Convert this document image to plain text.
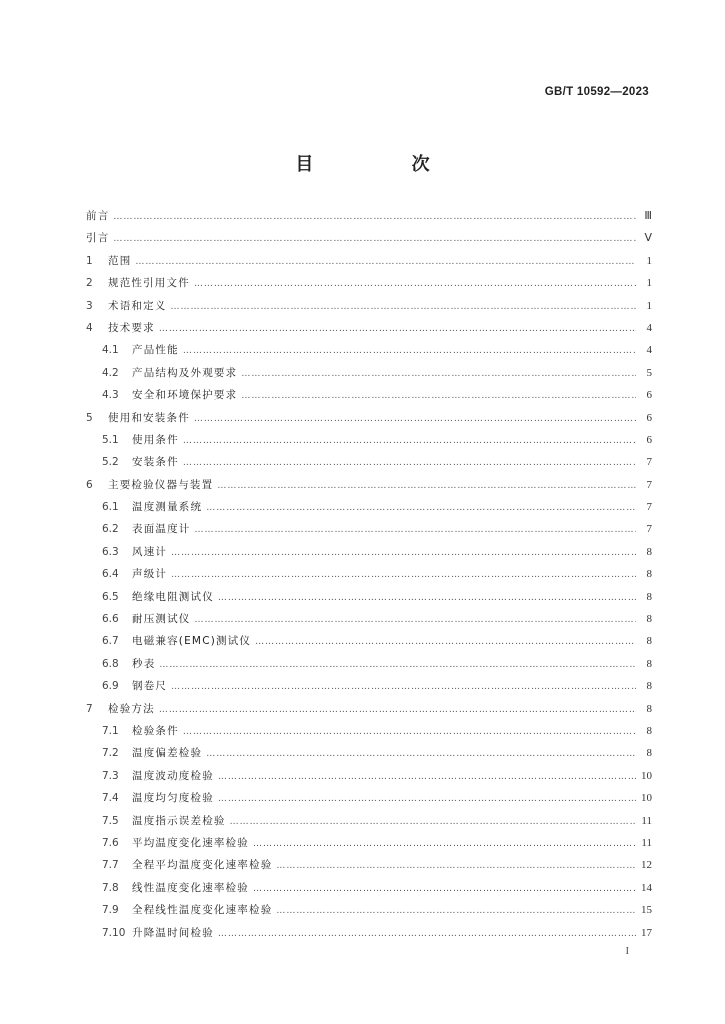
GB/T 10592—2023
目 次
前言 ………………………………………………………………………………………………………………………………………………………………………………………………	Ⅲ
引言 ………………………………………………………………………………………………………………………………………………………………………………………………	Ⅴ
1	范围 ………………………………………………………………………………………………………………………………………………………………………………………………	1
2	规范性引用文件 ………………………………………………………………………………………………………………………………………………………………………………………………	1
3	术语和定义 ………………………………………………………………………………………………………………………………………………………………………………………………	1
4	技术要求 ………………………………………………………………………………………………………………………………………………………………………………………………	4
4.1	产品性能 ………………………………………………………………………………………………………………………………………………………………………………………………	4
4.2	产品结构及外观要求 ………………………………………………………………………………………………………………………………………………………………………………………………	5
4.3	安全和环境保护要求 ………………………………………………………………………………………………………………………………………………………………………………………………	6
5	使用和安装条件 ………………………………………………………………………………………………………………………………………………………………………………………………	6
5.1	使用条件 ………………………………………………………………………………………………………………………………………………………………………………………………	6
5.2	安装条件 ………………………………………………………………………………………………………………………………………………………………………………………………	7
6	主要检验仪器与装置 ………………………………………………………………………………………………………………………………………………………………………………………………	7
6.1	温度测量系统 ………………………………………………………………………………………………………………………………………………………………………………………………	7
6.2	表面温度计 ………………………………………………………………………………………………………………………………………………………………………………………………	7
6.3	风速计 ………………………………………………………………………………………………………………………………………………………………………………………………	8
6.4	声级计 ………………………………………………………………………………………………………………………………………………………………………………………………	8
6.5	绝缘电阻测试仪 ………………………………………………………………………………………………………………………………………………………………………………………………	8
6.6	耐压测试仪 ………………………………………………………………………………………………………………………………………………………………………………………………	8
6.7	电磁兼容(EMC)测试仪 ………………………………………………………………………………………………………………………………………………………………………………………………	8
6.8	秒表 ………………………………………………………………………………………………………………………………………………………………………………………………	8
6.9	钢卷尺 ………………………………………………………………………………………………………………………………………………………………………………………………	8
7	检验方法 ………………………………………………………………………………………………………………………………………………………………………………………………	8
7.1	检验条件 ………………………………………………………………………………………………………………………………………………………………………………………………	8
7.2	温度偏差检验 ………………………………………………………………………………………………………………………………………………………………………………………………	8
7.3	温度波动度检验 ………………………………………………………………………………………………………………………………………………………………………………………………	10
7.4	温度均匀度检验 ………………………………………………………………………………………………………………………………………………………………………………………………	10
7.5	温度指示误差检验 ………………………………………………………………………………………………………………………………………………………………………………………………	11
7.6	平均温度变化速率检验 ………………………………………………………………………………………………………………………………………………………………………………………………	11
7.7	全程平均温度变化速率检验 ………………………………………………………………………………………………………………………………………………………………………………………………	12
7.8	线性温度变化速率检验 ………………………………………………………………………………………………………………………………………………………………………………………………	14
7.9	全程线性温度变化速率检验 ………………………………………………………………………………………………………………………………………………………………………………………………	15
7.10 升降温时间检验 ………………………………………………………………………………………………………………………………………………………………………………………………	17
I
